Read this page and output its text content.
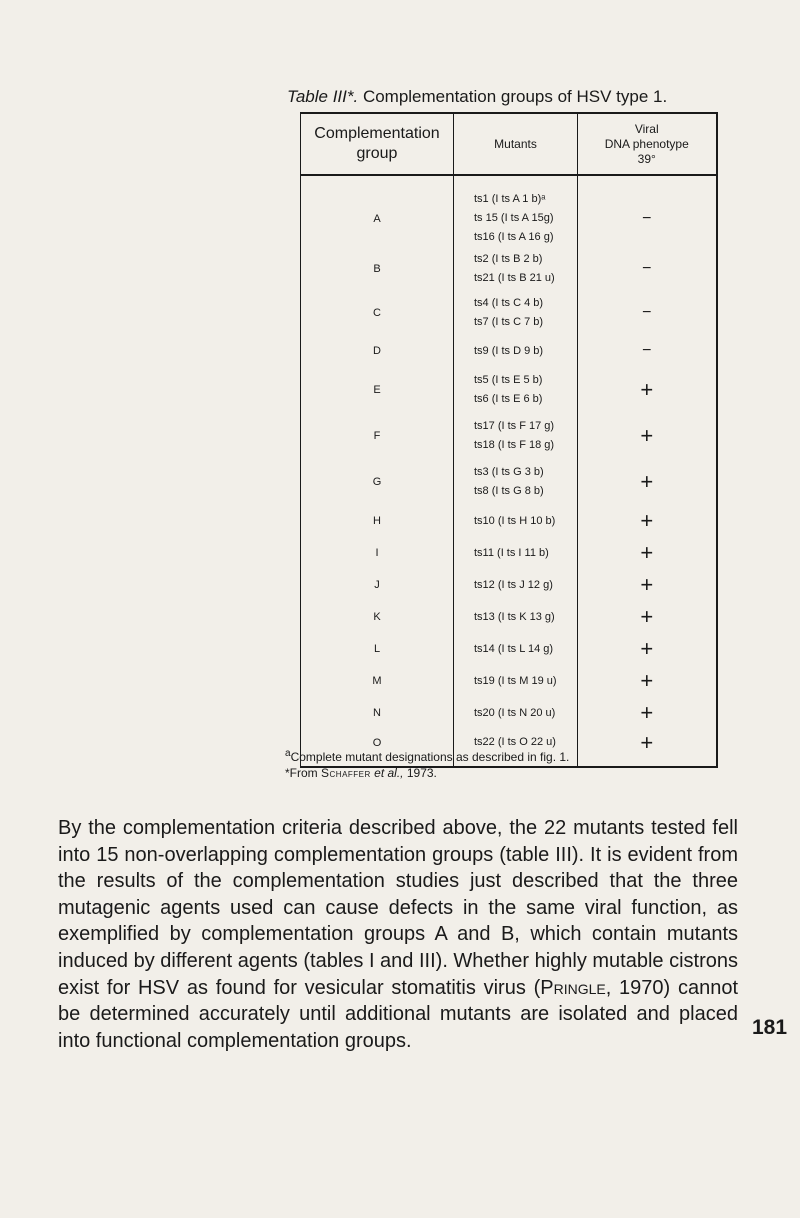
Table III*. Complementation groups of HSV type 1.
Complementation group	Mutants	Viral
DNA phenotype
39°

A	ts1 (I ts A 1 b)ᵃ
ts 15 (I ts A 15g)
ts16 (I ts A 16 g)	−
B	ts2 (I ts B 2 b)
ts21 (I ts B 21 u)	−
C	ts4 (I ts C 4 b)
ts7 (I ts C 7 b)	−
D	ts9 (I ts D 9 b)	−
E	ts5 (I ts E 5 b)
ts6 (I ts E 6 b)	+
F	ts17 (I ts F 17 g)
ts18 (I ts F 18 g)	+
G	ts3 (I ts G 3 b)
ts8 (I ts G 8 b)	+
H	ts10 (I ts H 10 b)	+
I	ts11 (I ts I 11 b)	+
J	ts12 (I ts J 12 g)	+
K	ts13 (I ts K 13 g)	+
L	ts14 (I ts L 14 g)	+
M	ts19 (I ts M 19 u)	+
N	ts20 (I ts N 20 u)	+
O	ts22 (I ts O 22 u)	+
$^a$Complete mutant designations as described in fig. 1.
*From Schaffer et al., 1973.
By the complementation criteria described above, the 22 mutants tested fell into 15 non-overlapping complementation groups (table III). It is evident from the results of the complementation studies just described that the three mutagenic agents used can cause defects in the same viral function, as exemplified by complementation groups A and B, which contain mutants induced by different agents (tables I and III). Whether highly mutable cistrons exist for HSV as found for vesicular stomatitis virus (Pringle, 1970) cannot be determined accurately until additional mutants are isolated and placed into functional complementation groups.
181
